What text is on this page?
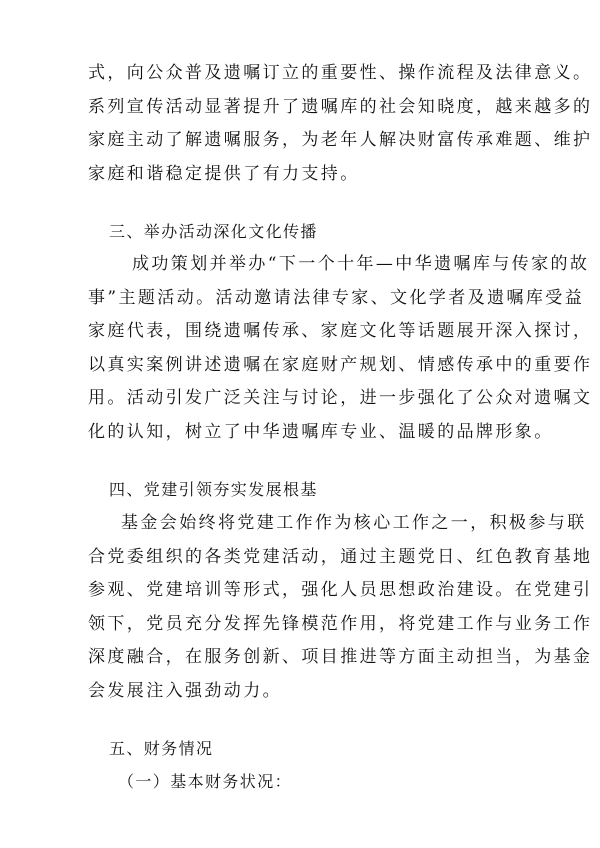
式，向公众普及遗嘱订立的重要性、操作流程及法律意义。
系列宣传活动显著提升了遗嘱库的社会知晓度，越来越多的
家庭主动了解遗嘱服务，为老年人解决财富传承难题、维护
家庭和谐稳定提供了有力支持。
三、举办活动深化文化传播
成功策划并举办“下一个十年—中华遗嘱库与传家的故
事”主题活动。活动邀请法律专家、文化学者及遗嘱库受益
家庭代表，围绕遗嘱传承、家庭文化等话题展开深入探讨，
以真实案例讲述遗嘱在家庭财产规划、情感传承中的重要作
用。活动引发广泛关注与讨论，进一步强化了公众对遗嘱文
化的认知，树立了中华遗嘱库专业、温暖的品牌形象。
四、党建引领夯实发展根基
基金会始终将党建工作作为核心工作之一，积极参与联
合党委组织的各类党建活动，通过主题党日、红色教育基地
参观、党建培训等形式，强化人员思想政治建设。在党建引
领下，党员充分发挥先锋模范作用，将党建工作与业务工作
深度融合，在服务创新、项目推进等方面主动担当，为基金
会发展注入强劲动力。
五、财务情况
（一）基本财务状况：
